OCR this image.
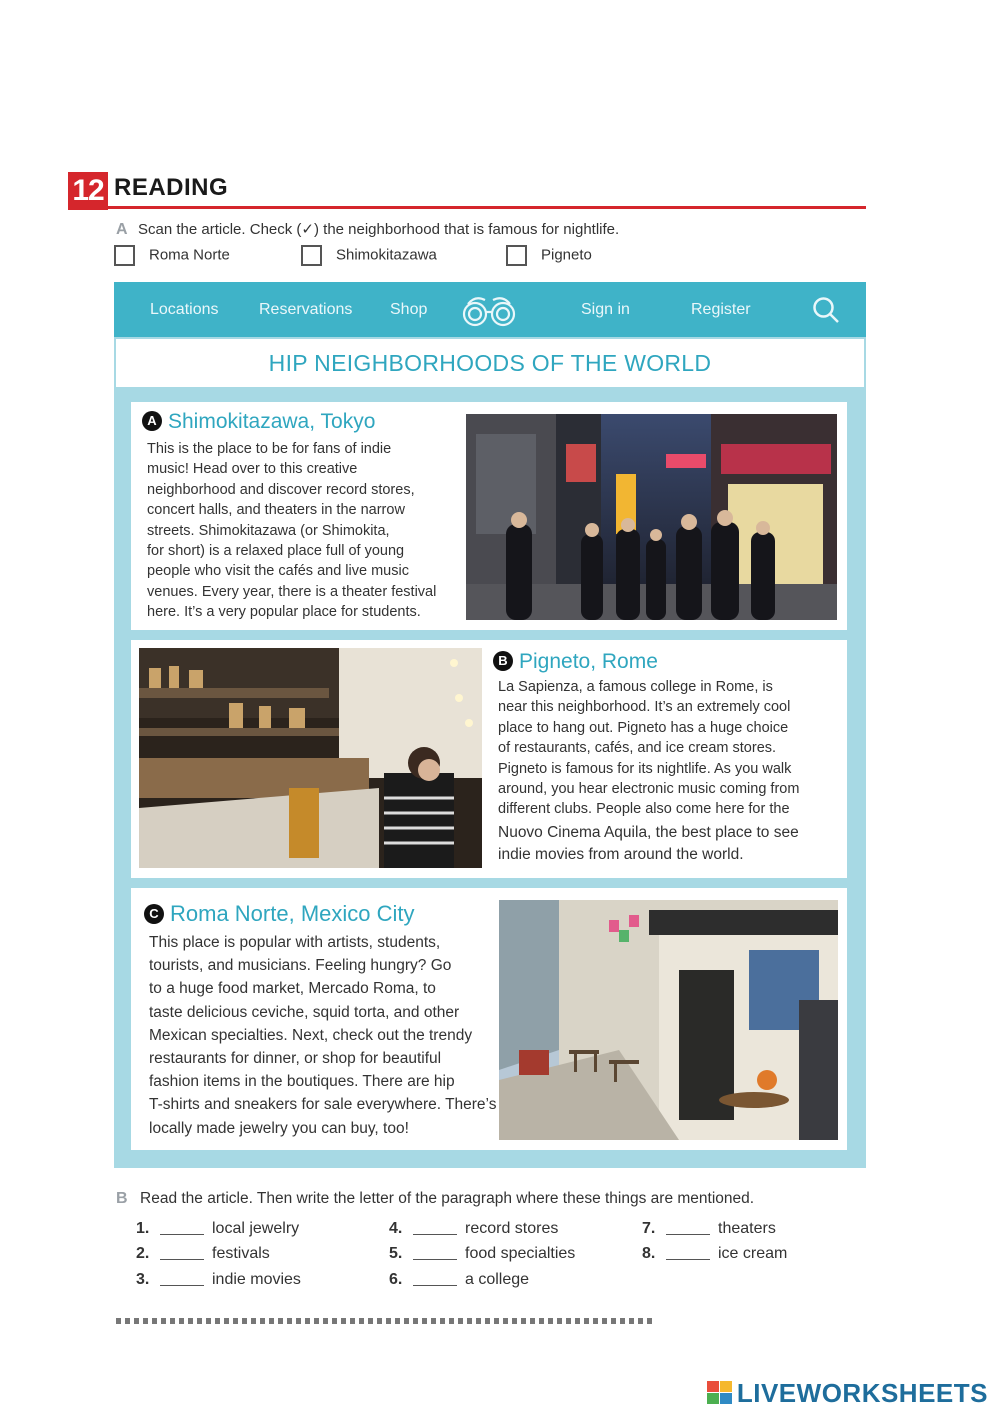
12 READING
A Scan the article. Check (✓) the neighborhood that is famous for nightlife.
Roma Norte	Shimokitazawa	Pigneto
Locations	Reservations Shop	Sign in	Register
HIP NEIGHBORHOODS OF THE WORLD
A Shimokitazawa, Tokyo
This is the place to be for fans of indie
music! Head over to this creative
neighborhood and discover record stores,
concert halls, and theaters in the narrow
streets. Shimokitazawa (or Shimokita,
for short) is a relaxed place full of young
people who visit the cafés and live music
venues. Every year, there is a theater festival
here. It’s a very popular place for students.
B Pigneto, Rome
La Sapienza, a famous college in Rome, is
near this neighborhood. It’s an extremely cool
place to hang out. Pigneto has a huge choice
of restaurants, cafés, and ice cream stores.
Pigneto is famous for its nightlife. As you walk
around, you hear electronic music coming from
different clubs. People also come here for the
Nuovo Cinema Aquila, the best place to see
indie movies from around the world.
C Roma Norte, Mexico City
This place is popular with artists, students,
tourists, and musicians. Feeling hungry? Go
to a huge food market, Mercado Roma, to
taste delicious ceviche, squid torta, and other
Mexican specialties. Next, check out the trendy
restaurants for dinner, or shop for beautiful
fashion items in the boutiques. There are hip
T-shirts and sneakers for sale everywhere. There’s
locally made jewelry you can buy, too!
B Read the article. Then write the letter of the paragraph where these things are mentioned.
1.	local jewelry
2.	festivals
3.	indie movies
4.	record stores
5.	food specialties
6.	a college
7.	theaters
8.	ice cream
LIVEWORKSHEETS
